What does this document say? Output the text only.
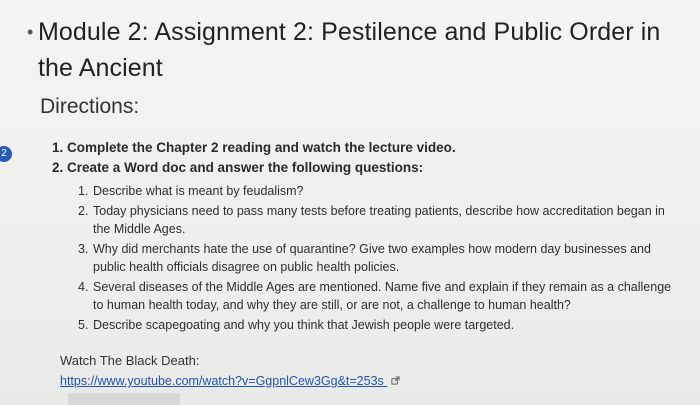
• Module 2: Assignment 2: Pestilence and Public Order in the Ancient
Directions:
2	1. Complete the Chapter 2 reading and watch the lecture video.
2. Create a Word doc and answer the following questions:
1. Describe what is meant by feudalism?
2. Today physicians need to pass many tests before treating patients, describe how accreditation began in the Middle Ages.
3. Why did merchants hate the use of quarantine? Give two examples how modern day businesses and public health officials disagree on public health policies.
4. Several diseases of the Middle Ages are mentioned. Name five and explain if they remain as a challenge to human health today, and why they are still, or are not, a challenge to human health?
5. Describe scapegoating and why you think that Jewish people were targeted.
Watch The Black Death:
https://www.youtube.com/watch?v=GgpnlCew3Gg&t=253s
